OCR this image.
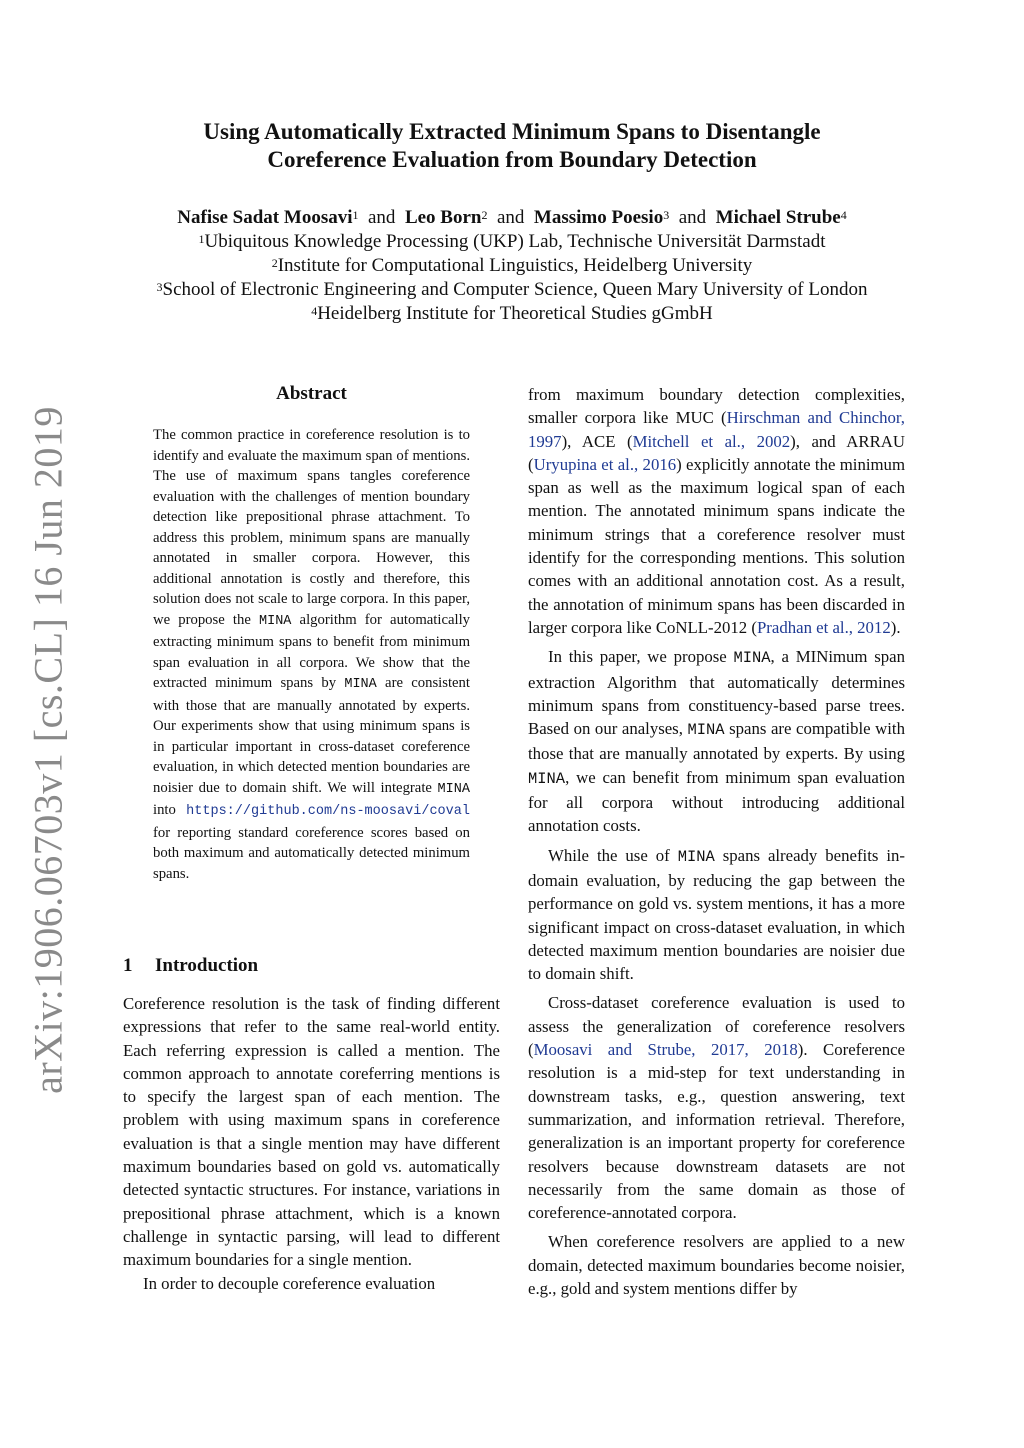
arXiv:1906.06703v1 [cs.CL] 16 Jun 2019
Using Automatically Extracted Minimum Spans to Disentangle
Coreference Evaluation from Boundary Detection
Nafise Sadat Moosavi$^1$ and Leo Born$^2$ and Massimo Poesio$^3$ and Michael Strube$^4$
$^1$Ubiquitous Knowledge Processing (UKP) Lab, Technische Universität Darmstadt
$^2$Institute for Computational Linguistics, Heidelberg University
$^3$School of Electronic Engineering and Computer Science, Queen Mary University of London
$^4$Heidelberg Institute for Theoretical Studies gGmbH
Abstract
The common practice in coreference resolution is to identify and evaluate the maximum span of mentions. The use of maximum spans tangles coreference evaluation with the challenges of mention boundary detection like prepositional phrase attachment. To address this problem, minimum spans are manually annotated in smaller corpora. However, this additional annotation is costly and therefore, this solution does not scale to large corpora. In this paper, we propose the MINA algorithm for automatically extracting minimum spans to benefit from minimum span evaluation in all corpora. We show that the extracted minimum spans by MINA are consistent with those that are manually annotated by experts. Our experiments show that using minimum spans is in particular important in cross-dataset coreference evaluation, in which detected mention boundaries are noisier due to domain shift. We will integrate MINA into https://github.com/ns-moosavi/coval for reporting standard coreference scores based on both maximum and automatically detected minimum spans.
1 Introduction

Coreference resolution is the task of finding different expressions that refer to the same real-world entity. Each referring expression is called a mention. The common approach to annotate coreferring mentions is to specify the largest span of each mention. The problem with using maximum spans in coreference evaluation is that a single mention may have different maximum boundaries based on gold vs. automatically detected syntactic structures. For instance, variations in prepositional phrase attachment, which is a known challenge in syntactic parsing, will lead to different maximum boundaries for a single mention.

In order to decouple coreference evaluation

from maximum boundary detection complexities, smaller corpora like MUC (Hirschman and Chinchor, 1997), ACE (Mitchell et al., 2002), and ARRAU (Uryupina et al., 2016) explicitly annotate the minimum span as well as the maximum logical span of each mention. The annotated minimum spans indicate the minimum strings that a coreference resolver must identify for the corresponding mentions. This solution comes with an additional annotation cost. As a result, the annotation of minimum spans has been discarded in larger corpora like CoNLL-2012 (Pradhan et al., 2012).

In this paper, we propose MINA, a MINimum span extraction Algorithm that automatically determines minimum spans from constituency-based parse trees. Based on our analyses, MINA spans are compatible with those that are manually annotated by experts. By using MINA, we can benefit from minimum span evaluation for all corpora without introducing additional annotation costs.

While the use of MINA spans already benefits in-domain evaluation, by reducing the gap between the performance on gold vs. system mentions, it has a more significant impact on cross-dataset evaluation, in which detected maximum mention boundaries are noisier due to domain shift.

Cross-dataset coreference evaluation is used to assess the generalization of coreference resolvers (Moosavi and Strube, 2017, 2018). Coreference resolution is a mid-step for text understanding in downstream tasks, e.g., question answering, text summarization, and information retrieval. Therefore, generalization is an important property for coreference resolvers because downstream datasets are not necessarily from the same domain as those of coreference-annotated corpora.

When coreference resolvers are applied to a new domain, detected maximum boundaries become noisier, e.g., gold and system mentions differ by
